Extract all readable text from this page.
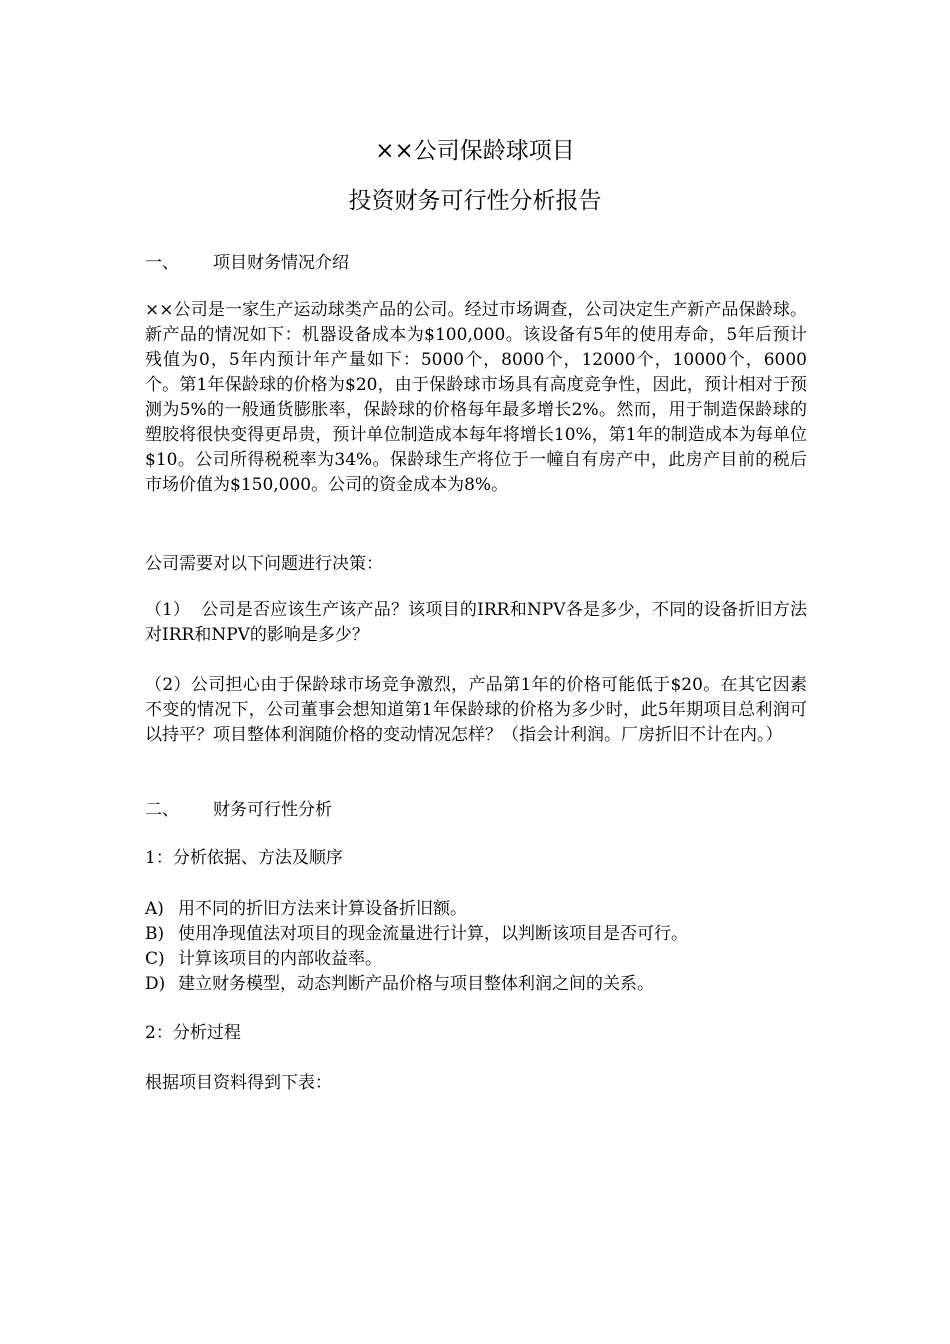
××公司保龄球项目
投资财务可行性分析报告
一、 项目财务情况介绍
××公司是一家生产运动球类产品的公司。经过市场调查，公司决定生产新产品保龄球。新产品的情况如下：机器设备成本为$100,000。该设备有5年的使用寿命，5年后预计残值为0，5年内预计年产量如下：5000个，8000个，12000个，10000个，6000个。第1年保龄球的价格为$20，由于保龄球市场具有高度竞争性，因此，预计相对于预测为5%的一般通货膨胀率，保龄球的价格每年最多增长2%。然而，用于制造保龄球的塑胶将很快变得更昂贵，预计单位制造成本每年将增长10%，第1年的制造成本为每单位$10。公司所得税税率为34%。保龄球生产将位于一幢自有房产中，此房产目前的税后市场价值为$150,000。公司的资金成本为8%。
公司需要对以下问题进行决策：
（1） 公司是否应该生产该产品？该项目的IRR和NPV各是多少，不同的设备折旧方法对IRR和NPV的影响是多少？
（2）公司担心由于保龄球市场竞争激烈，产品第1年的价格可能低于$20。在其它因素不变的情况下，公司董事会想知道第1年保龄球的价格为多少时，此5年期项目总利润可以持平？项目整体利润随价格的变动情况怎样？（指会计利润。厂房折旧不计在内。）
二、 财务可行性分析
1：分析依据、方法及顺序
A) 用不同的折旧方法来计算设备折旧额。
B) 使用净现值法对项目的现金流量进行计算，以判断该项目是否可行。
C) 计算该项目的内部收益率。
D) 建立财务模型，动态判断产品价格与项目整体利润之间的关系。
2：分析过程
根据项目资料得到下表：
